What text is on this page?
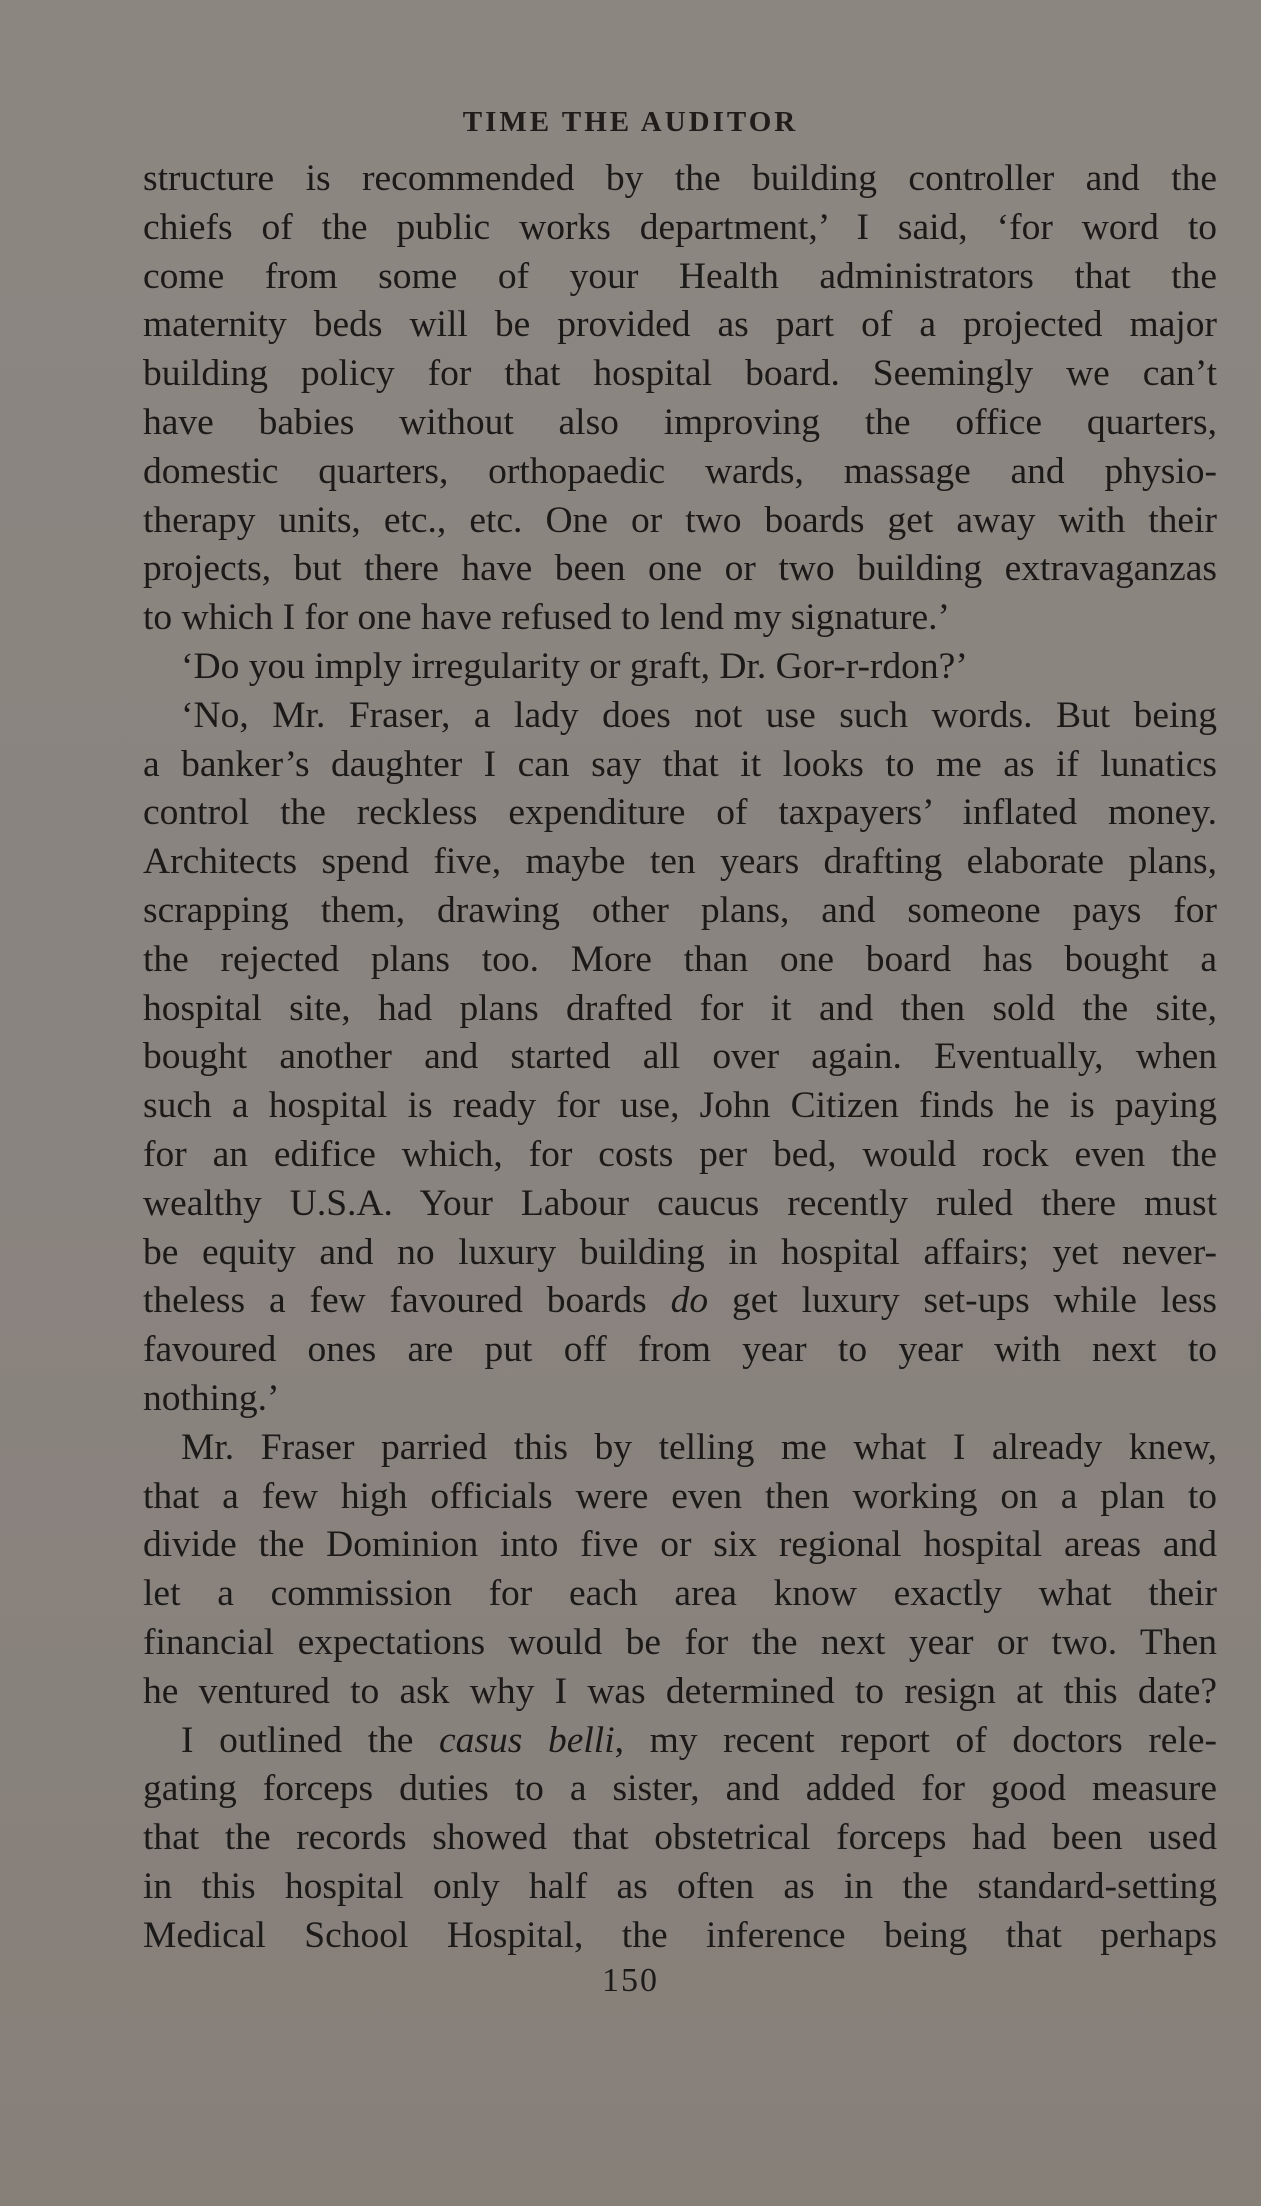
TIME THE AUDITOR
structure is recommended by the building controller and the
chiefs of the public works department,’ I said, ‘for word to
come from some of your Health administrators that the
maternity beds will be provided as part of a projected major
building policy for that hospital board. Seemingly we can’t
have babies without also improving the office quarters,
domestic quarters, orthopaedic wards, massage and physio-
therapy units, etc., etc. One or two boards get away with their
projects, but there have been one or two building extravaganzas
to which I for one have refused to lend my signature.’
‘Do you imply irregularity or graft, Dr. Gor-r-rdon?’
‘No, Mr. Fraser, a lady does not use such words. But being
a banker’s daughter I can say that it looks to me as if lunatics
control the reckless expenditure of taxpayers’ inflated money.
Architects spend five, maybe ten years drafting elaborate plans,
scrapping them, drawing other plans, and someone pays for
the rejected plans too. More than one board has bought a
hospital site, had plans drafted for it and then sold the site,
bought another and started all over again. Eventually, when
such a hospital is ready for use, John Citizen finds he is paying
for an edifice which, for costs per bed, would rock even the
wealthy U.S.A. Your Labour caucus recently ruled there must
be equity and no luxury building in hospital affairs; yet never-
theless a few favoured boards do get luxury set-ups while less
favoured ones are put off from year to year with next to
nothing.’
Mr. Fraser parried this by telling me what I already knew,
that a few high officials were even then working on a plan to
divide the Dominion into five or six regional hospital areas and
let a commission for each area know exactly what their
financial expectations would be for the next year or two. Then
he ventured to ask why I was determined to resign at this date?
I outlined the casus belli, my recent report of doctors rele-
gating forceps duties to a sister, and added for good measure
that the records showed that obstetrical forceps had been used
in this hospital only half as often as in the standard-setting
Medical School Hospital, the inference being that perhaps
150
